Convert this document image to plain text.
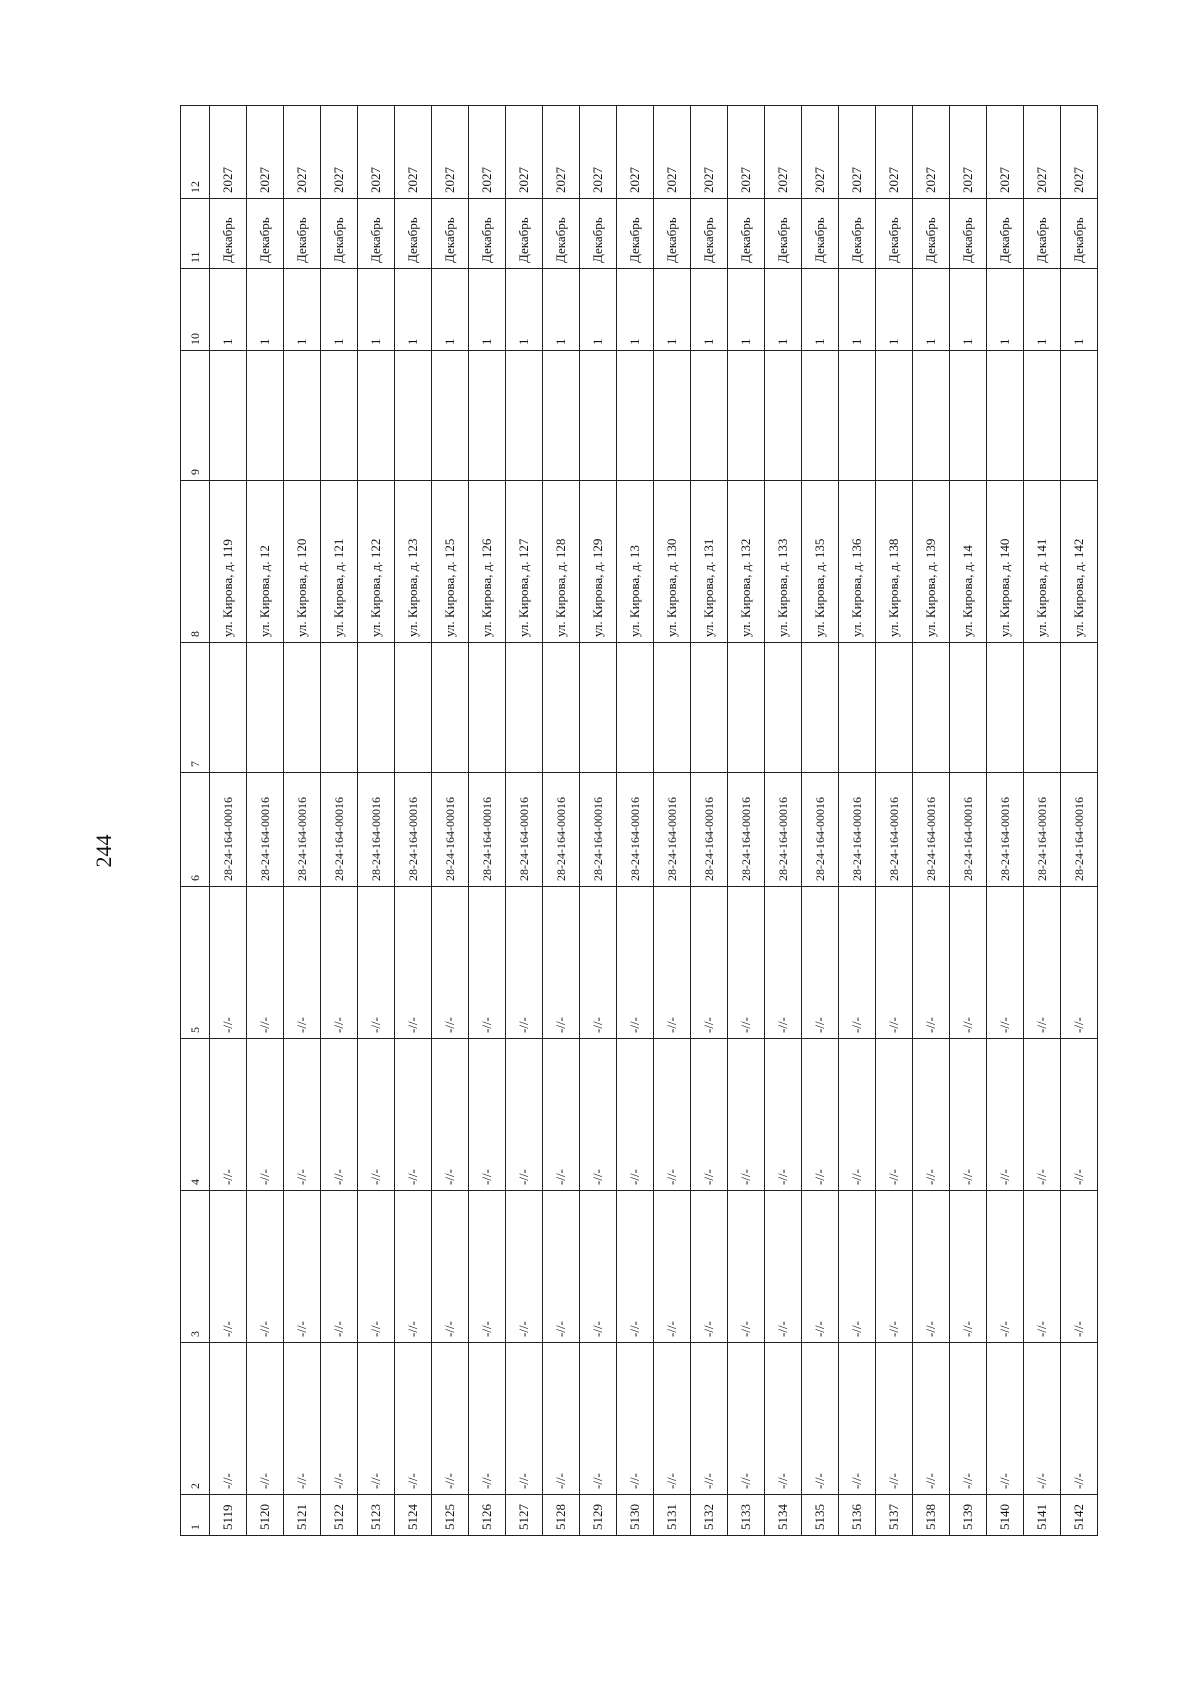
244
1	2	3	4	5	6	7	8	9	10	11	12
5119	-//-	-//-	-//-	-//-	28-24-164-00016		ул. Кирова, д. 119		1	Декабрь	2027
5120	-//-	-//-	-//-	-//-	28-24-164-00016		ул. Кирова, д. 12		1	Декабрь	2027
5121	-//-	-//-	-//-	-//-	28-24-164-00016		ул. Кирова, д. 120		1	Декабрь	2027
5122	-//-	-//-	-//-	-//-	28-24-164-00016		ул. Кирова, д. 121		1	Декабрь	2027
5123	-//-	-//-	-//-	-//-	28-24-164-00016		ул. Кирова, д. 122		1	Декабрь	2027
5124	-//-	-//-	-//-	-//-	28-24-164-00016		ул. Кирова, д. 123		1	Декабрь	2027
5125	-//-	-//-	-//-	-//-	28-24-164-00016		ул. Кирова, д. 125		1	Декабрь	2027
5126	-//-	-//-	-//-	-//-	28-24-164-00016		ул. Кирова, д. 126		1	Декабрь	2027
5127	-//-	-//-	-//-	-//-	28-24-164-00016		ул. Кирова, д. 127		1	Декабрь	2027
5128	-//-	-//-	-//-	-//-	28-24-164-00016		ул. Кирова, д. 128		1	Декабрь	2027
5129	-//-	-//-	-//-	-//-	28-24-164-00016		ул. Кирова, д. 129		1	Декабрь	2027
5130	-//-	-//-	-//-	-//-	28-24-164-00016		ул. Кирова, д. 13		1	Декабрь	2027
5131	-//-	-//-	-//-	-//-	28-24-164-00016		ул. Кирова, д. 130		1	Декабрь	2027
5132	-//-	-//-	-//-	-//-	28-24-164-00016		ул. Кирова, д. 131		1	Декабрь	2027
5133	-//-	-//-	-//-	-//-	28-24-164-00016		ул. Кирова, д. 132		1	Декабрь	2027
5134	-//-	-//-	-//-	-//-	28-24-164-00016		ул. Кирова, д. 133		1	Декабрь	2027
5135	-//-	-//-	-//-	-//-	28-24-164-00016		ул. Кирова, д. 135		1	Декабрь	2027
5136	-//-	-//-	-//-	-//-	28-24-164-00016		ул. Кирова, д. 136		1	Декабрь	2027
5137	-//-	-//-	-//-	-//-	28-24-164-00016		ул. Кирова, д. 138		1	Декабрь	2027
5138	-//-	-//-	-//-	-//-	28-24-164-00016		ул. Кирова, д. 139		1	Декабрь	2027
5139	-//-	-//-	-//-	-//-	28-24-164-00016		ул. Кирова, д. 14		1	Декабрь	2027
5140	-//-	-//-	-//-	-//-	28-24-164-00016		ул. Кирова, д. 140		1	Декабрь	2027
5141	-//-	-//-	-//-	-//-	28-24-164-00016		ул. Кирова, д. 141		1	Декабрь	2027
5142	-//-	-//-	-//-	-//-	28-24-164-00016		ул. Кирова, д. 142		1	Декабрь	2027
